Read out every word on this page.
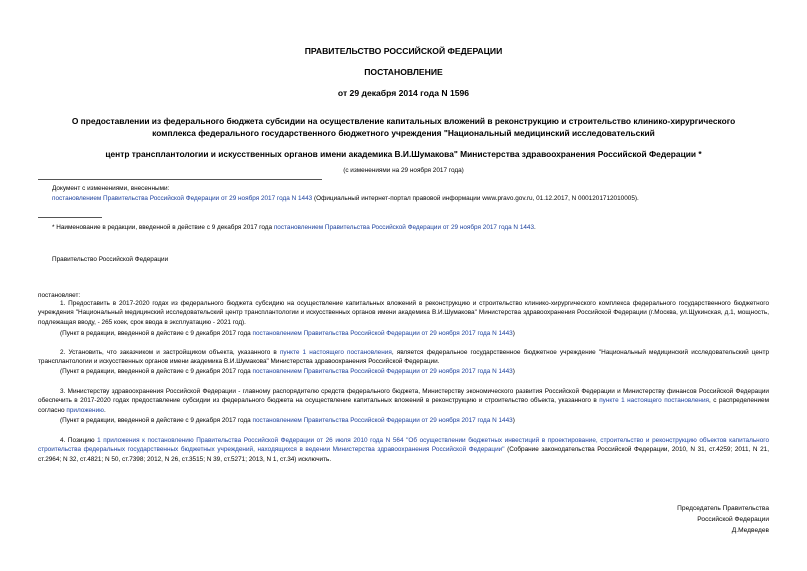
ПРАВИТЕЛЬСТВО РОССИЙСКОЙ ФЕДЕРАЦИИ
ПОСТАНОВЛЕНИЕ
от 29 декабря 2014 года N 1596
О предоставлении из федерального бюджета субсидии на осуществление капитальных вложений в реконструкцию и строительство клинико-хирургического
комплекса федерального государственного бюджетного учреждения "Национальный медицинский исследовательский
центр трансплантологии и искусственных органов имени академика В.И.Шумакова" Министерства здравоохранения Российской Федерации *
(с изменениями на 29 ноября 2017 года)
Документ с изменениями, внесенными:
постановлением Правительства Российской Федерации от 29 ноября 2017 года N 1443 (Официальный интернет-портал правовой информации www.pravo.gov.ru, 01.12.2017, N 0001201712010005).
* Наименование в редакции, введенной в действие с 9 декабря 2017 года постановлением Правительства Российской Федерации от 29 ноября 2017 года N 1443.
Правительство Российской Федерации
постановляет:
1. Предоставить в 2017-2020 годах из федерального бюджета субсидию на осуществление капитальных вложений в реконструкцию и строительство клинико-хирургического комплекса федерального государственного бюджетного учреждения "Национальный медицинский исследовательский центр трансплантологии и искусственных органов имени академика В.И.Шумакова" Министерства здравоохранения Российской Федерации (г.Москва, ул.Щукинская, д.1, мощность, подлежащая вводу, - 265 коек, срок ввода в эксплуатацию - 2021 год).
(Пункт в редакции, введенной в действие с 9 декабря 2017 года постановлением Правительства Российской Федерации от 29 ноября 2017 года N 1443)
2. Установить, что заказчиком и застройщиком объекта, указанного в пункте 1 настоящего постановления, является федеральное государственное бюджетное учреждение "Национальный медицинский исследовательский центр трансплантологии и искусственных органов имени академика В.И.Шумакова" Министерства здравоохранения Российской Федерации.
(Пункт в редакции, введенной в действие с 9 декабря 2017 года постановлением Правительства Российской Федерации от 29 ноября 2017 года N 1443)
3. Министерству здравоохранения Российской Федерации - главному распорядителю средств федерального бюджета, Министерству экономического развития Российской Федерации и Министерству финансов Российской Федерации обеспечить в 2017-2020 годах предоставление субсидии из федерального бюджета на осуществление капитальных вложений в реконструкцию и строительство объекта, указанного в пункте 1 настоящего постановления, с распределением согласно приложению.
(Пункт в редакции, введенной в действие с 9 декабря 2017 года постановлением Правительства Российской Федерации от 29 ноября 2017 года N 1443)
4. Позицию 1 приложения к постановлению Правительства Российской Федерации от 26 июля 2010 года N 564 "Об осуществлении бюджетных инвестиций в проектирование, строительство и реконструкцию объектов капитального строительства федеральных государственных бюджетных учреждений, находящихся в ведении Министерства здравоохранения Российской Федерации" (Собрание законодательства Российской Федерации, 2010, N 31, ст.4259; 2011, N 21, ст.2964; N 32, ст.4821; N 50, ст.7398; 2012, N 26, ст.3515; N 39, ст.5271; 2013, N 1, ст.34) исключить.
Председатель Правительства
Российской Федерации
Д.Медведев
